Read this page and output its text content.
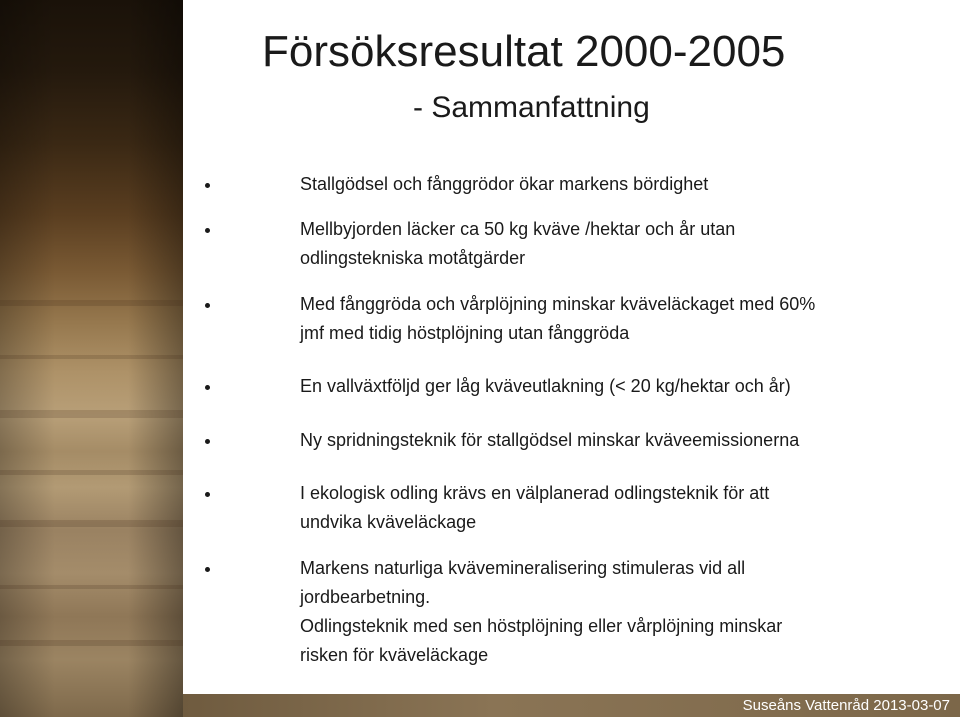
Försöksresultat 2000-2005
- Sammanfattning
Stallgödsel och fånggrödor ökar markens bördighet
Mellbyjorden läcker ca 50 kg kväve /hektar och år utan
odlingstekniska motåtgärder
Med fånggröda och vårplöjning minskar kväveläckaget med 60%
jmf med tidig höstplöjning utan fånggröda
En vallväxtföljd ger låg kväveutlakning (< 20 kg/hektar och år)
Ny spridningsteknik för stallgödsel minskar kväveemissionerna
I ekologisk odling krävs en välplanerad odlingsteknik för att
undvika kväveläckage
Markens naturliga kvävemineralisering stimuleras vid all
jordbearbetning.
Odlingsteknik med sen höstplöjning eller vårplöjning minskar
risken för kväveläckage
Suseåns Vattenråd 2013-03-07
